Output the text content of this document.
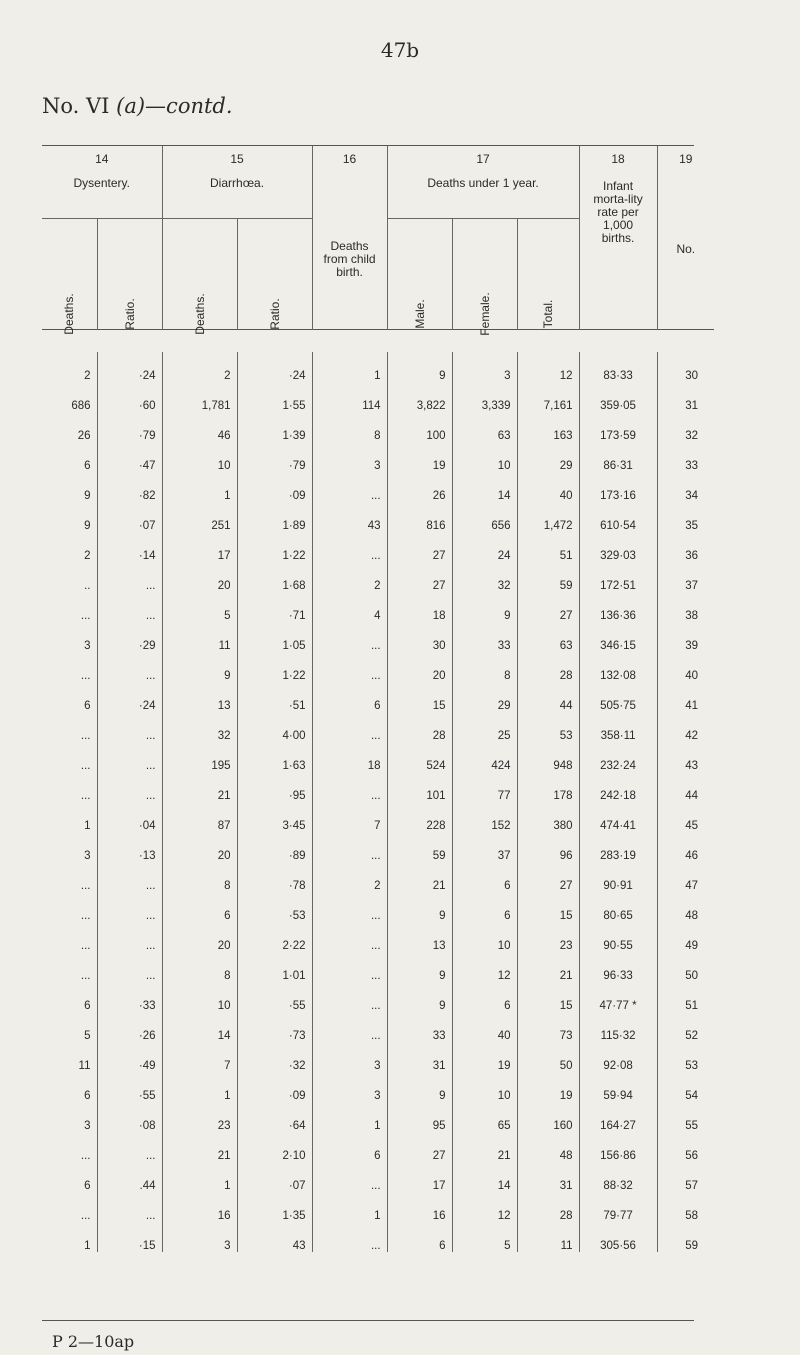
47b
No. VI (a)—contd.
14		15		16	17			18	19
Dysentery.		Diarrhœa.		Deaths from child birth.	Deaths under 1 year.			Infant morta-lity rate per 1,000 births.	No.

Deaths.	Ratio.	Deaths.	Ratio.		Male.	Female.	Total.		

2	·24	2	·24	1	9	3	12	83·33	30
686	·60	1,781	1·55	114	3,822	3,339	7,161	359·05	31
26	·79	46	1·39	8	100	63	163	173·59	32
6	·47	10	·79	3	19	10	29	86·31	33
9	·82	1	·09	...	26	14	40	173·16	34
9	·07	251	1·89	43	816	656	1,472	610·54	35
2	·14	17	1·22	...	27	24	51	329·03	36
..	...	20	1·68	2	27	32	59	172·51	37
...	...	5	·71	4	18	9	27	136·36	38
3	·29	11	1·05	...	30	33	63	346·15	39
...	...	9	1·22	...	20	8	28	132·08	40
6	·24	13	·51	6	15	29	44	505·75	41
...	...	32	4·00	...	28	25	53	358·11	42
...	...	195	1·63	18	524	424	948	232·24	43
...	...	21	·95	...	101	77	178	242·18	44
1	·04	87	3·45	7	228	152	380	474·41	45
3	·13	20	·89	...	59	37	96	283·19	46
...	...	8	·78	2	21	6	27	90·91	47
...	...	6	·53	...	9	6	15	80·65	48
...	...	20	2·22	...	13	10	23	90·55	49
...	...	8	1·01	...	9	12	21	96·33	50
6	·33	10	·55	...	9	6	15	47·77 *	51
5	·26	14	·73	...	33	40	73	115·32	52
11	·49	7	·32	3	31	19	50	92·08	53
6	·55	1	·09	3	9	10	19	59·94	54
3	·08	23	·64	1	95	65	160	164·27	55
...	...	21	2·10	6	27	21	48	156·86	56
6	.44	1	·07	...	17	14	31	88·32	57
...	...	16	1·35	1	16	12	28	79·77	58
1	·15	3	43	...	6	5	11	305·56	59
P 2—10ap
